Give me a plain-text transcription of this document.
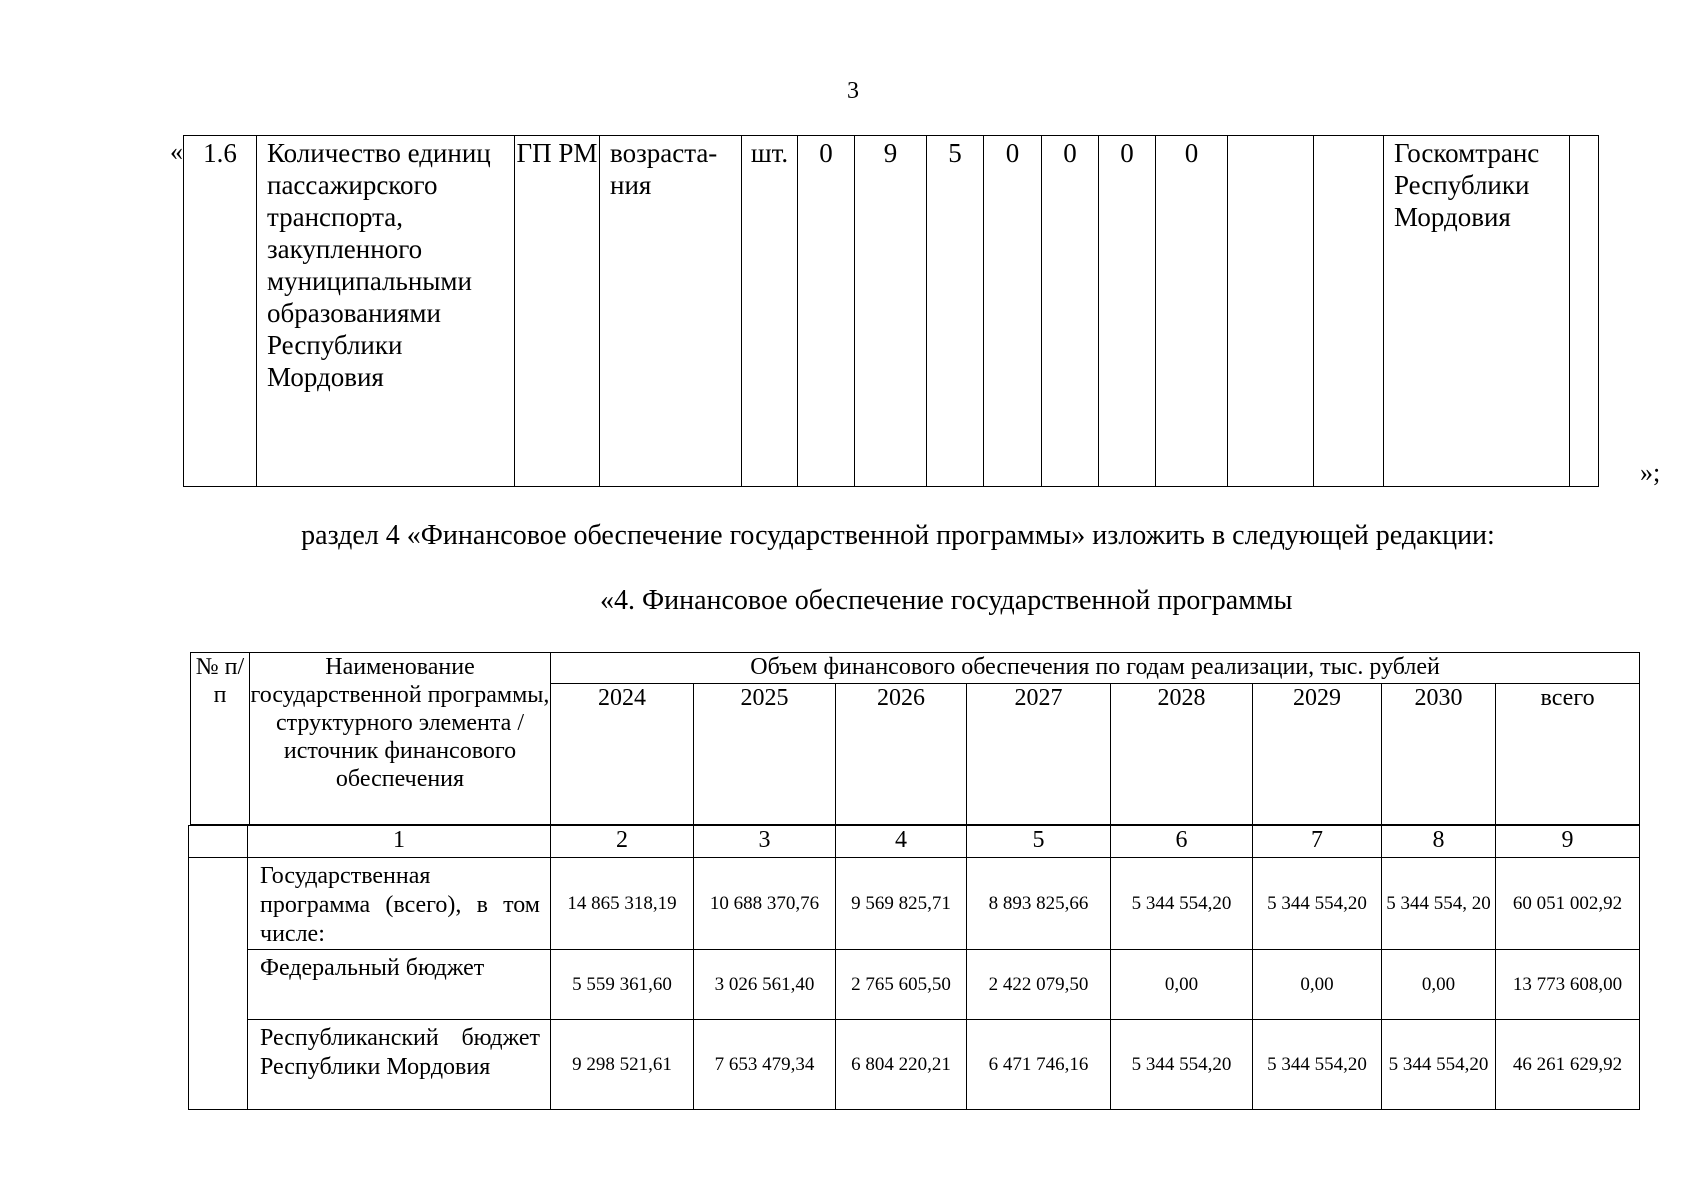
3
« 1.6	Количество единиц пассажирского транспорта, закупленного муниципальными образованиями Республики Мордовия	ГП РМ	возраста-ния	шт.	0	9	5	0	0	0	0			Госкомтранс Республики Мордовия	
»;
раздел 4 «Финансовое обеспечение государственной программы» изложить в следующей редакции:
«4. Финансовое обеспечение государственной программы
№ п/п	Наименование государственной программы, структурного элемента / источник финансового обеспечения	Объем финансового обеспечения по годам реализации, тыс. рублей							
		2024	2025	2026	2027	2028	2029	2030	всего
	1	2	3	4	5	6	7	8	9
	Государственная программа (всего), в том числе:	14 865 318,19	10 688 370,76	9 569 825,71	8 893 825,66	5 344 554,20	5 344 554,20	5 344 554, 20	60 051 002,92
	Федеральный бюджет	5 559 361,60	3 026 561,40	2 765 605,50	2 422 079,50	0,00	0,00	0,00	13 773 608,00
	Республиканский бюджет Республики Мордовия	9 298 521,61	7 653 479,34	6 804 220,21	6 471 746,16	5 344 554,20	5 344 554,20	5 344 554,20	46 261 629,92
